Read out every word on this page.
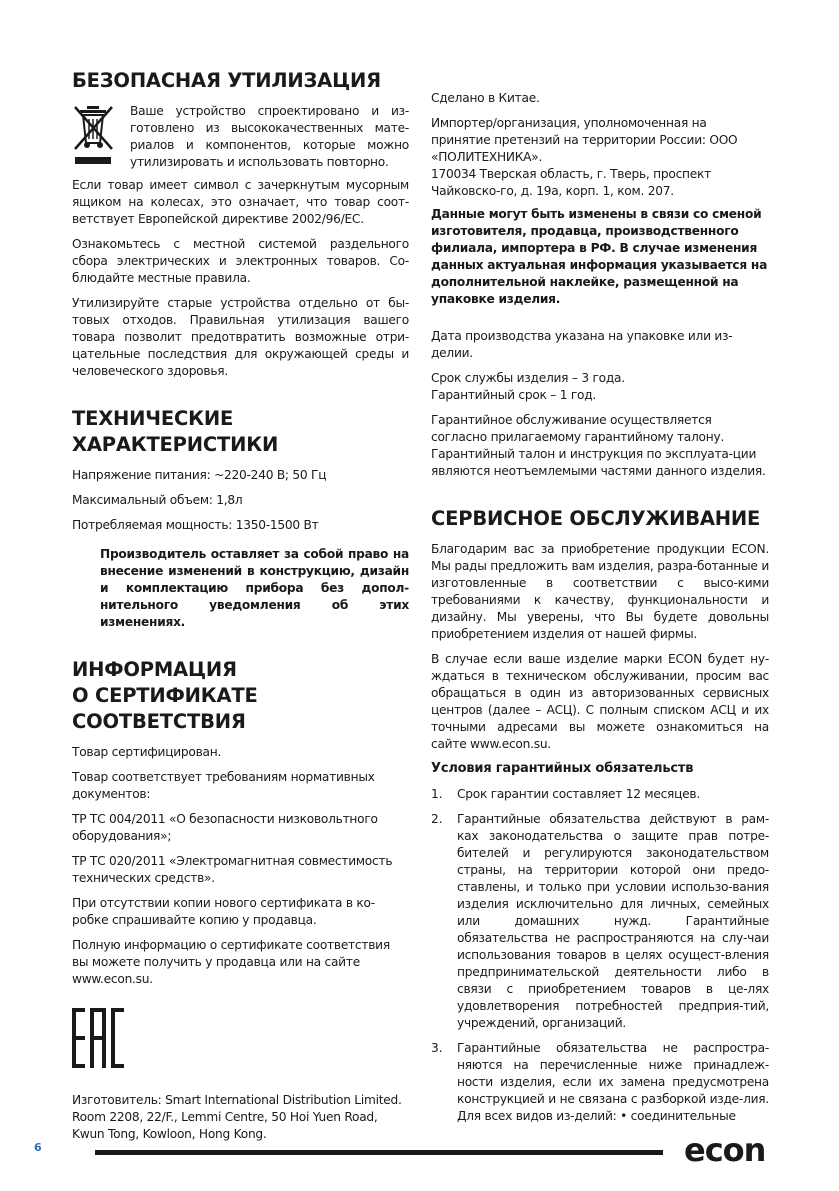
БЕЗОПАСНАЯ УТИЛИЗАЦИЯ

Ваше устройство спроектировано и из-готовлено из высококачественных мате-риалов и компонентов, которые можно утилизировать и использовать повторно.

Если товар имеет символ с зачеркнутым мусорным ящиком на колесах, это означает, что товар соот-ветствует Европейской директиве 2002/96/ЕС.

Ознакомьтесь с местной системой раздельного сбора электрических и электронных товаров. Со-блюдайте местные правила.

Утилизируйте старые устройства отдельно от бы-товых отходов. Правильная утилизация вашего товара позволит предотвратить возможные отри-цательные последствия для окружающей среды и человеческого здоровья.

ТЕХНИЧЕСКИЕ
ХАРАКТЕРИСТИКИ

Напряжение питания: ~220-240 В; 50 Гц

Максимальный объем: 1,8л

Потребляемая мощность: 1350-1500 Вт

Производитель оставляет за собой право на внесение изменений в конструкцию, дизайн и комплектацию прибора без допол-нительного уведомления об этих изменениях.

ИНФОРМАЦИЯ
О СЕРТИФИКАТЕ
СООТВЕТСТВИЯ

Товар сертифицирован.

Товар соответствует требованиям нормативных документов:

ТР ТС 004/2011 «О безопасности низковольтного оборудования»;

ТР ТС 020/2011 «Электромагнитная совместимость технических средств».

При отсутствии копии нового сертификата в ко-робке спрашивайте копию у продавца.

Полную информацию о сертификате соответствия вы можете получить у продавца или на сайте www.econ.su.

Изготовитель: Smart International Distribution Limited. Room 2208, 22/F., Lemmi Centre, 50 Hoi Yuen Road, Kwun Tong, Kowloon, Hong Kong.

Сделано в Китае.

Импортер/организация, уполномоченная на принятие претензий на территории России: ООО «ПОЛИТЕХНИКА».
170034 Тверская область, г. Тверь, проспект Чайковско-го, д. 19а, корп. 1, ком. 207.

Данные могут быть изменены в связи со сменой изготовителя, продавца, производственного филиала, импортера в РФ. В случае изменения данных актуальная информация указывается на дополнительной наклейке, размещенной на упаковке изделия.

Дата производства указана на упаковке или из-делии.

Срок службы изделия – 3 года.
Гарантийный срок – 1 год.

Гарантийное обслуживание осуществляется согласно прилагаемому гарантийному талону. Гарантийный талон и инструкция по эксплуата-ции являются неотъемлемыми частями данного изделия.

СЕРВИСНОЕ ОБСЛУЖИВАНИЕ

Благодарим вас за приобретение продукции ECON. Мы рады предложить вам изделия, разра-ботанные и изготовленные в соответствии с высо-кими требованиями к качеству, функциональности и дизайну. Мы уверены, что Вы будете довольны приобретением изделия от нашей фирмы.

В случае если ваше изделие марки ECON будет ну-ждаться в техническом обслуживании, просим вас обращаться в один из авторизованных сервисных центров (далее – АСЦ). С полным списком АСЦ и их точными адресами вы можете ознакомиться на сайте www.econ.su.

Условия гарантийных обязательств
1.	Срок гарантии составляет 12 месяцев.

2.	Гарантийные обязательства действуют в рам-ках законодательства о защите прав потре-бителей и регулируются законодательством страны, на территории которой они предо-ставлены, и только при условии использо-вания изделия исключительно для личных, семейных или домашних нужд. Гарантийные обязательства не распространяются на слу-чаи использования товаров в целях осущест-вления предпринимательской деятельности либо в связи с приобретением товаров в це-лях удовлетворения потребностей предприя-тий, учреждений, организаций.

3.	Гарантийные обязательства не распростра-няются на перечисленные ниже принадлеж-ности изделия, если их замена предусмотрена конструкцией и не связана с разборкой изде-лия. Для всех видов из-делий: • соединительные

6	econ
